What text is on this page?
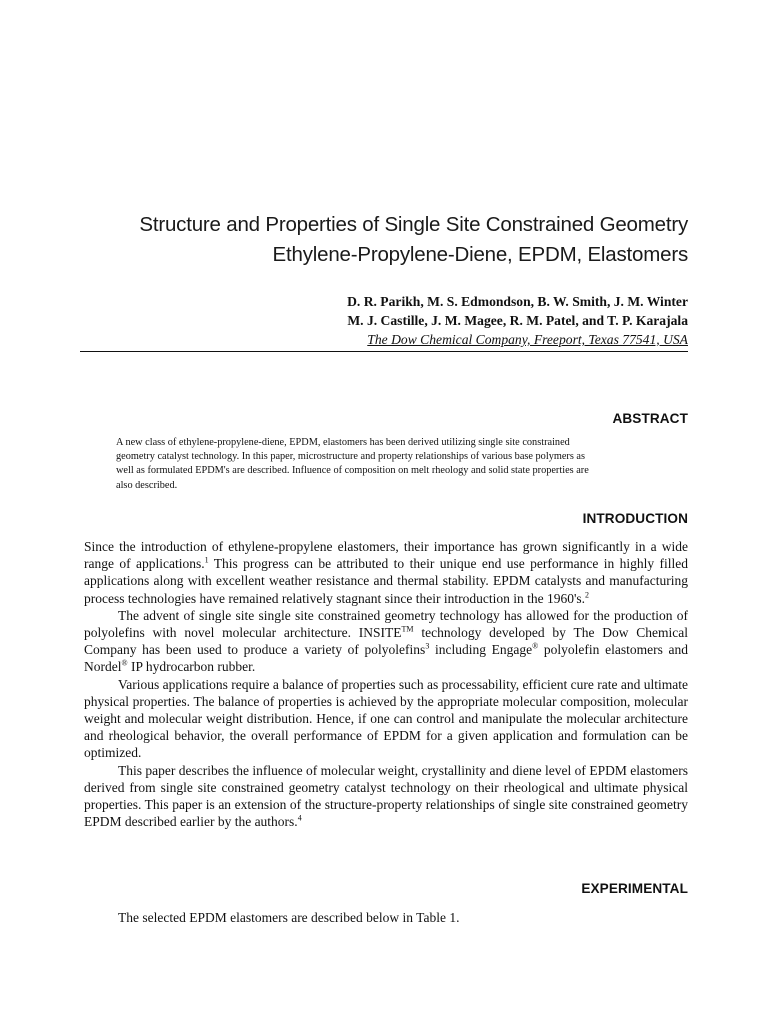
Structure and Properties of Single Site Constrained Geometry
Ethylene-Propylene-Diene, EPDM, Elastomers
D. R. Parikh, M. S. Edmondson, B. W. Smith, J. M. Winter
M. J. Castille, J. M. Magee, R. M. Patel, and T. P. Karajala
The Dow Chemical Company, Freeport, Texas 77541, USA
ABSTRACT
A new class of ethylene-propylene-diene, EPDM, elastomers has been derived utilizing single site constrained
geometry catalyst technology. In this paper, microstructure and property relationships of various base polymers as
well as formulated EPDM's are described. Influence of composition on melt rheology and solid state properties are
also described.
INTRODUCTION

Since the introduction of ethylene-propylene elastomers, their importance has grown significantly in a wide range of applications.$^1$ This progress can be attributed to their unique end use performance in highly filled applications along with excellent weather resistance and thermal stability. EPDM catalysts and manufacturing process technologies have remained relatively stagnant since their introduction in the 1960's.$^2$

The advent of single site single site constrained geometry technology has allowed for the production of polyolefins with novel molecular architecture. INSITE™ technology developed by The Dow Chemical Company has been used to produce a variety of polyolefins$^3$ including Engage® polyolefin elastomers and Nordel® IP hydrocarbon rubber.

Various applications require a balance of properties such as processability, efficient cure rate and ultimate physical properties. The balance of properties is achieved by the appropriate molecular composition, molecular weight and molecular weight distribution. Hence, if one can control and manipulate the molecular architecture and rheological behavior, the overall performance of EPDM for a given application and formulation can be optimized.

This paper describes the influence of molecular weight, crystallinity and diene level of EPDM elastomers derived from single site constrained geometry catalyst technology on their rheological and ultimate physical properties. This paper is an extension of the structure-property relationships of single site constrained geometry EPDM described earlier by the authors.$^4$

EXPERIMENTAL
The selected EPDM elastomers are described below in Table 1.
